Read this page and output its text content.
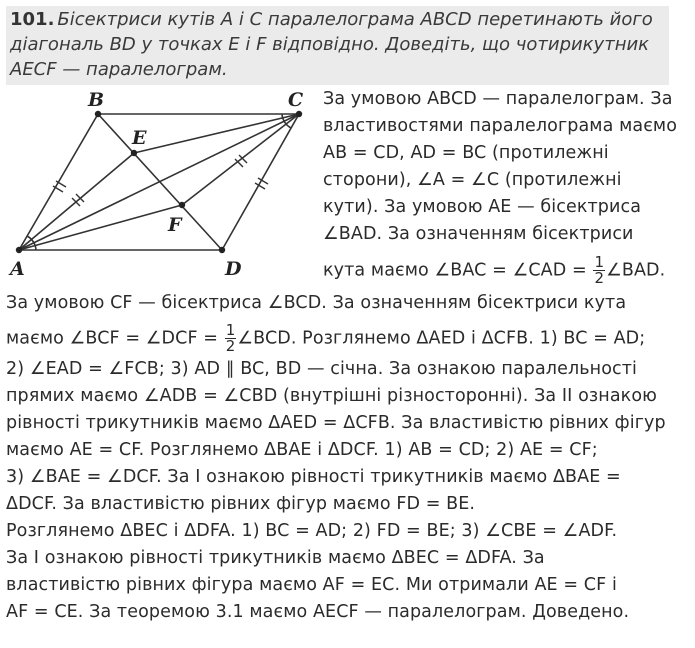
101. Бісектриси кутів A і C паралелограма ABCD перетинають його діагональ BD у точках E і F відповідно. Доведіть, що чотирикутник AECF — паралелограм.
A
B	C
D
E
F
За умовою ABCD — паралелограм. За
властивостями паралелограма маємо
AB = CD, AD = BC (протилежні
сторони), ∠A = ∠C (протилежні
кути). За умовою AE — бісектриса
∠BAD. За означенням бісектриси
кута маємо ∠BAC = ∠CAD = $\frac{1}{2}$ ∠BAD.
За умовою CF — бісектриса ∠BCD. За означенням бісектриси кута
маємо ∠BCF = ∠DCF = $\frac{1}{2}$ ∠BCD. Розглянемо ΔAED і ΔCFB. 1) BC = AD;
2) ∠EAD = ∠FCB; 3) AD ∥ BC, BD — січна. За ознакою паралельності
прямих маємо ∠ADB = ∠CBD (внутрішні різносторонні). За II ознакою
рівності трикутників маємо ΔAED = ΔCFB. За властивістю рівних фігур
маємо AE = CF. Розглянемо ΔBAE і ΔDCF. 1) AB = CD; 2) AE = CF;
3) ∠BAE = ∠DCF. За I ознакою рівності трикутників маємо ΔBAE =
ΔDCF. За властивістю рівних фігур маємо FD = BE.
Розглянемо ΔBEC і ΔDFA. 1) BC = AD; 2) FD = BE; 3) ∠CBE = ∠ADF.
За I ознакою рівності трикутників маємо ΔBEC = ΔDFA. За
властивістю рівних фігура маємо AF = EC. Ми отримали AE = CF і
AF = CE. За теоремою 3.1 маємо AECF — паралелограм. Доведено.
